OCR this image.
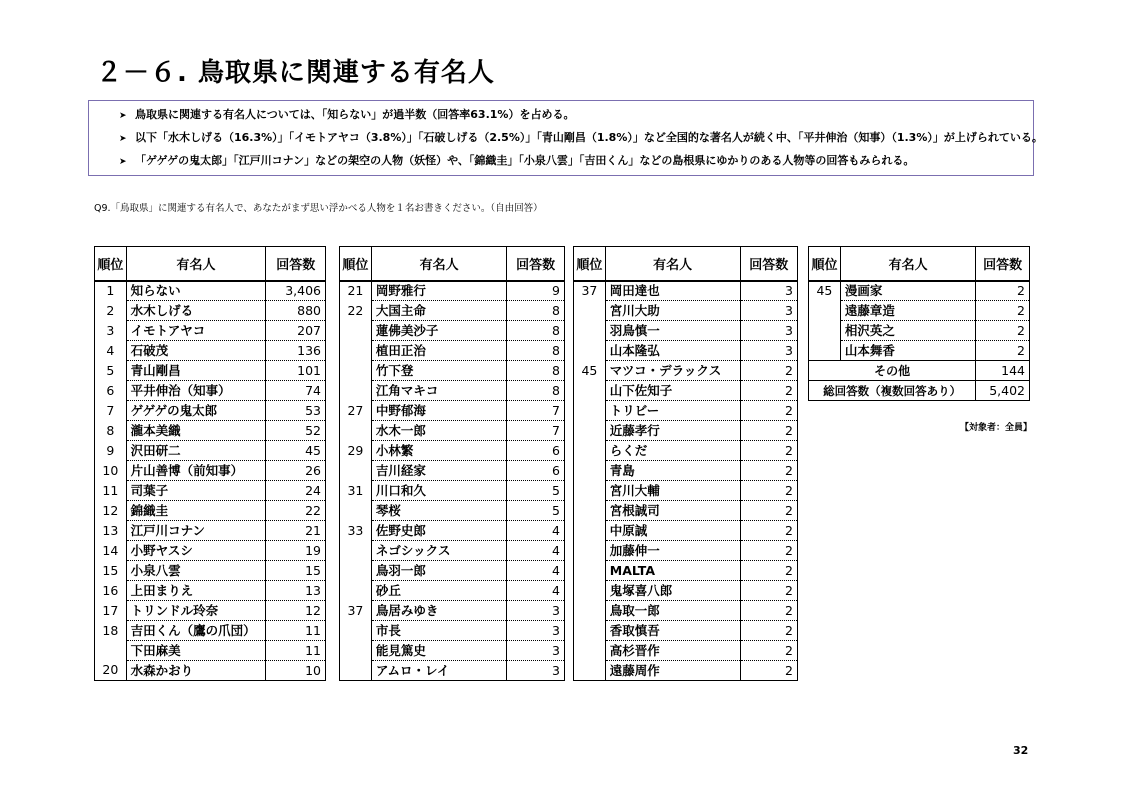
２－６. 鳥取県に関連する有名人
➤ 鳥取県に関連する有名人については、「知らない」が過半数（回答率63.1%）を占める。
➤ 以下「水木しげる（16.3%）」「イモトアヤコ（3.8%）」「石破しげる（2.5%）」「青山剛昌（1.8%）」など全国的な著名人が続く中、「平井伸治（知事）（1.3%）」が上げられている。
➤ 「ゲゲゲの鬼太郎」「江戸川コナン」などの架空の人物（妖怪）や、「錦織圭」「小泉八雲」「吉田くん」などの島根県にゆかりのある人物等の回答もみられる。
Q9.「鳥取県」に関連する有名人で、あなたがまず思い浮かべる人物を１名お書きください。（自由回答）
順位	有名人	回答数
1	知らない	3,406
2	水木しげる	880
3	イモトアヤコ	207
4	石破茂	136
5	青山剛昌	101
6	平井伸治（知事）	74
7	ゲゲゲの鬼太郎	53
8	瀧本美織	52
9	沢田研二	45
10	片山善博（前知事）	26
11	司葉子	24
12	錦織圭	22
13	江戸川コナン	21
14	小野ヤスシ	19
15	小泉八雲	15
16	上田まりえ	13
17	トリンドル玲奈	12
18	吉田くん（鷹の爪団）	11
	下田麻美	11
20	水森かおり	10
順位	有名人	回答数
21	岡野雅行	9
22	大国主命	8
	蓮佛美沙子	8
	植田正治	8
	竹下登	8
	江角マキコ	8
27	中野郁海	7
	水木一郎	7
29	小林繁	6
	吉川経家	6
31	川口和久	5
	琴桜	5
33	佐野史郎	4
	ネゴシックス	4
	鳥羽一郎	4
	砂丘	4
37	鳥居みゆき	3
	市長	3
	能見篤史	3
	アムロ・レイ	3
順位	有名人	回答数
37	岡田達也	3
	宮川大助	3
	羽鳥慎一	3
	山本隆弘	3
45	マツコ・デラックス	2
	山下佐知子	2
	トリビー	2
	近藤孝行	2
	らくだ	2
	青島	2
	宮川大輔	2
	宮根誠司	2
	中原誠	2
	加藤伸一	2
	MALTA	2
	鬼塚喜八郎	2
	鳥取一郎	2
	香取慎吾	2
	高杉晋作	2
	遠藤周作	2
順位	有名人	回答数
45	漫画家	2
	遠藤章造	2
	相沢英之	2
	山本舞香	2
その他		144
総回答数（複数回答あり）		5,402
【対象者：全員】
32
